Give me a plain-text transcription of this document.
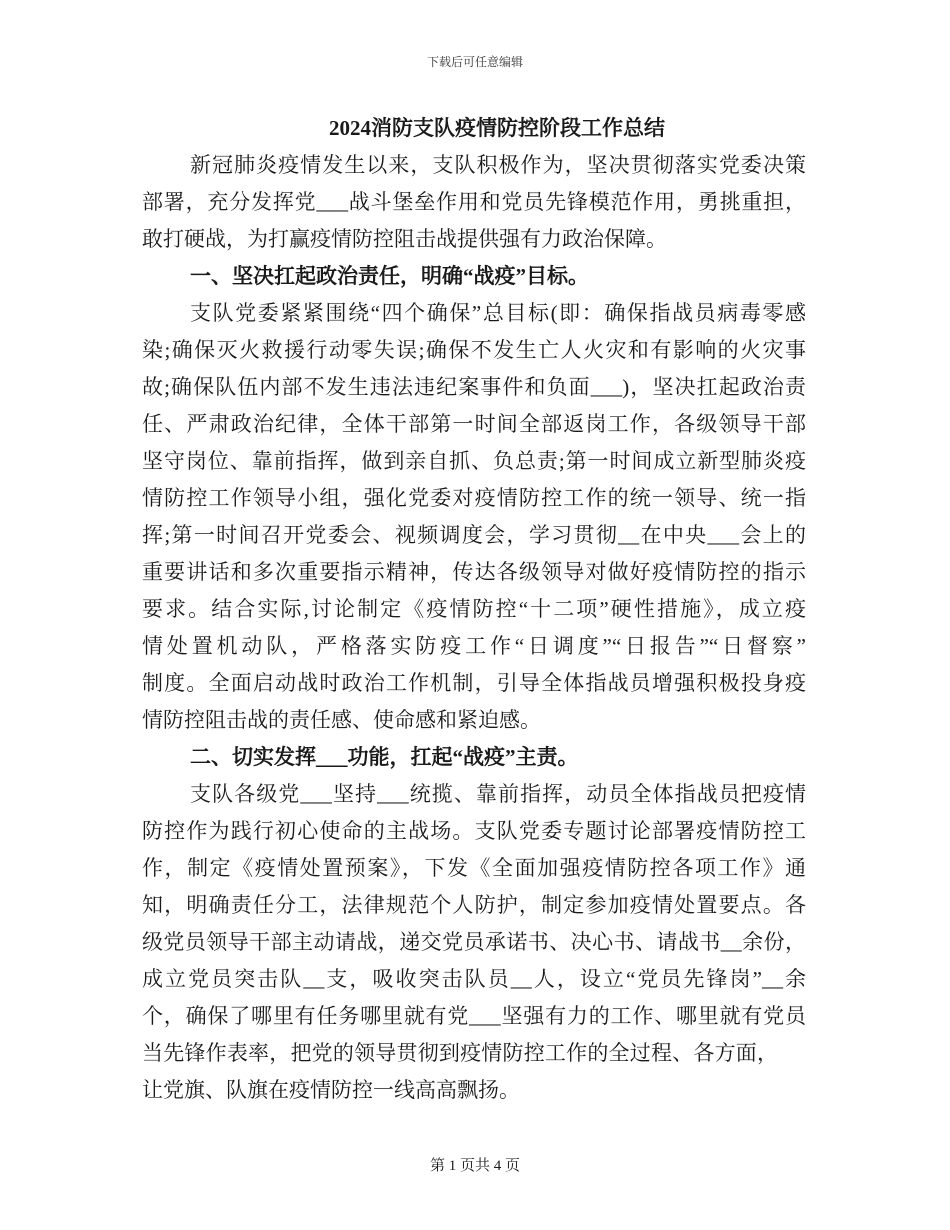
下载后可任意编辑
2024消防支队疫情防控阶段工作总结
新冠肺炎疫情发生以来，支队积极作为，坚决贯彻落实党委决策
部署，充分发挥党___战斗堡垒作用和党员先锋模范作用，勇挑重担，
敢打硬战，为打赢疫情防控阻击战提供强有力政治保障。
一、坚决扛起政治责任，明确“战疫”目标。
支队党委紧紧围绕“四个确保”总目标(即：确保指战员病毒零感
染;确保灭火救援行动零失误;确保不发生亡人火灾和有影响的火灾事
故;确保队伍内部不发生违法违纪案事件和负面___)，坚决扛起政治责
任、严肃政治纪律，全体干部第一时间全部返岗工作，各级领导干部
坚守岗位、靠前指挥，做到亲自抓、负总责;第一时间成立新型肺炎疫
情防控工作领导小组，强化党委对疫情防控工作的统一领导、统一指
挥;第一时间召开党委会、视频调度会，学习贯彻__在中央___会上的
重要讲话和多次重要指示精神，传达各级领导对做好疫情防控的指示
要求。结合实际,讨论制定《疫情防控“十二项”硬性措施》，成立疫
情处置机动队，严格落实防疫工作“日调度”“日报告”“日督察”
制度。全面启动战时政治工作机制，引导全体指战员增强积极投身疫
情防控阻击战的责任感、使命感和紧迫感。
二、切实发挥___功能，扛起“战疫”主责。
支队各级党___坚持___统揽、靠前指挥，动员全体指战员把疫情
防控作为践行初心使命的主战场。支队党委专题讨论部署疫情防控工
作，制定《疫情处置预案》，下发《全面加强疫情防控各项工作》通
知，明确责任分工，法律规范个人防护，制定参加疫情处置要点。各
级党员领导干部主动请战，递交党员承诺书、决心书、请战书__余份，
成立党员突击队__支，吸收突击队员__人，设立“党员先锋岗”__余
个，确保了哪里有任务哪里就有党___坚强有力的工作、哪里就有党员
当先锋作表率，把党的领导贯彻到疫情防控工作的全过程、各方面，
让党旗、队旗在疫情防控一线高高飘扬。
第 1 页共 4 页
